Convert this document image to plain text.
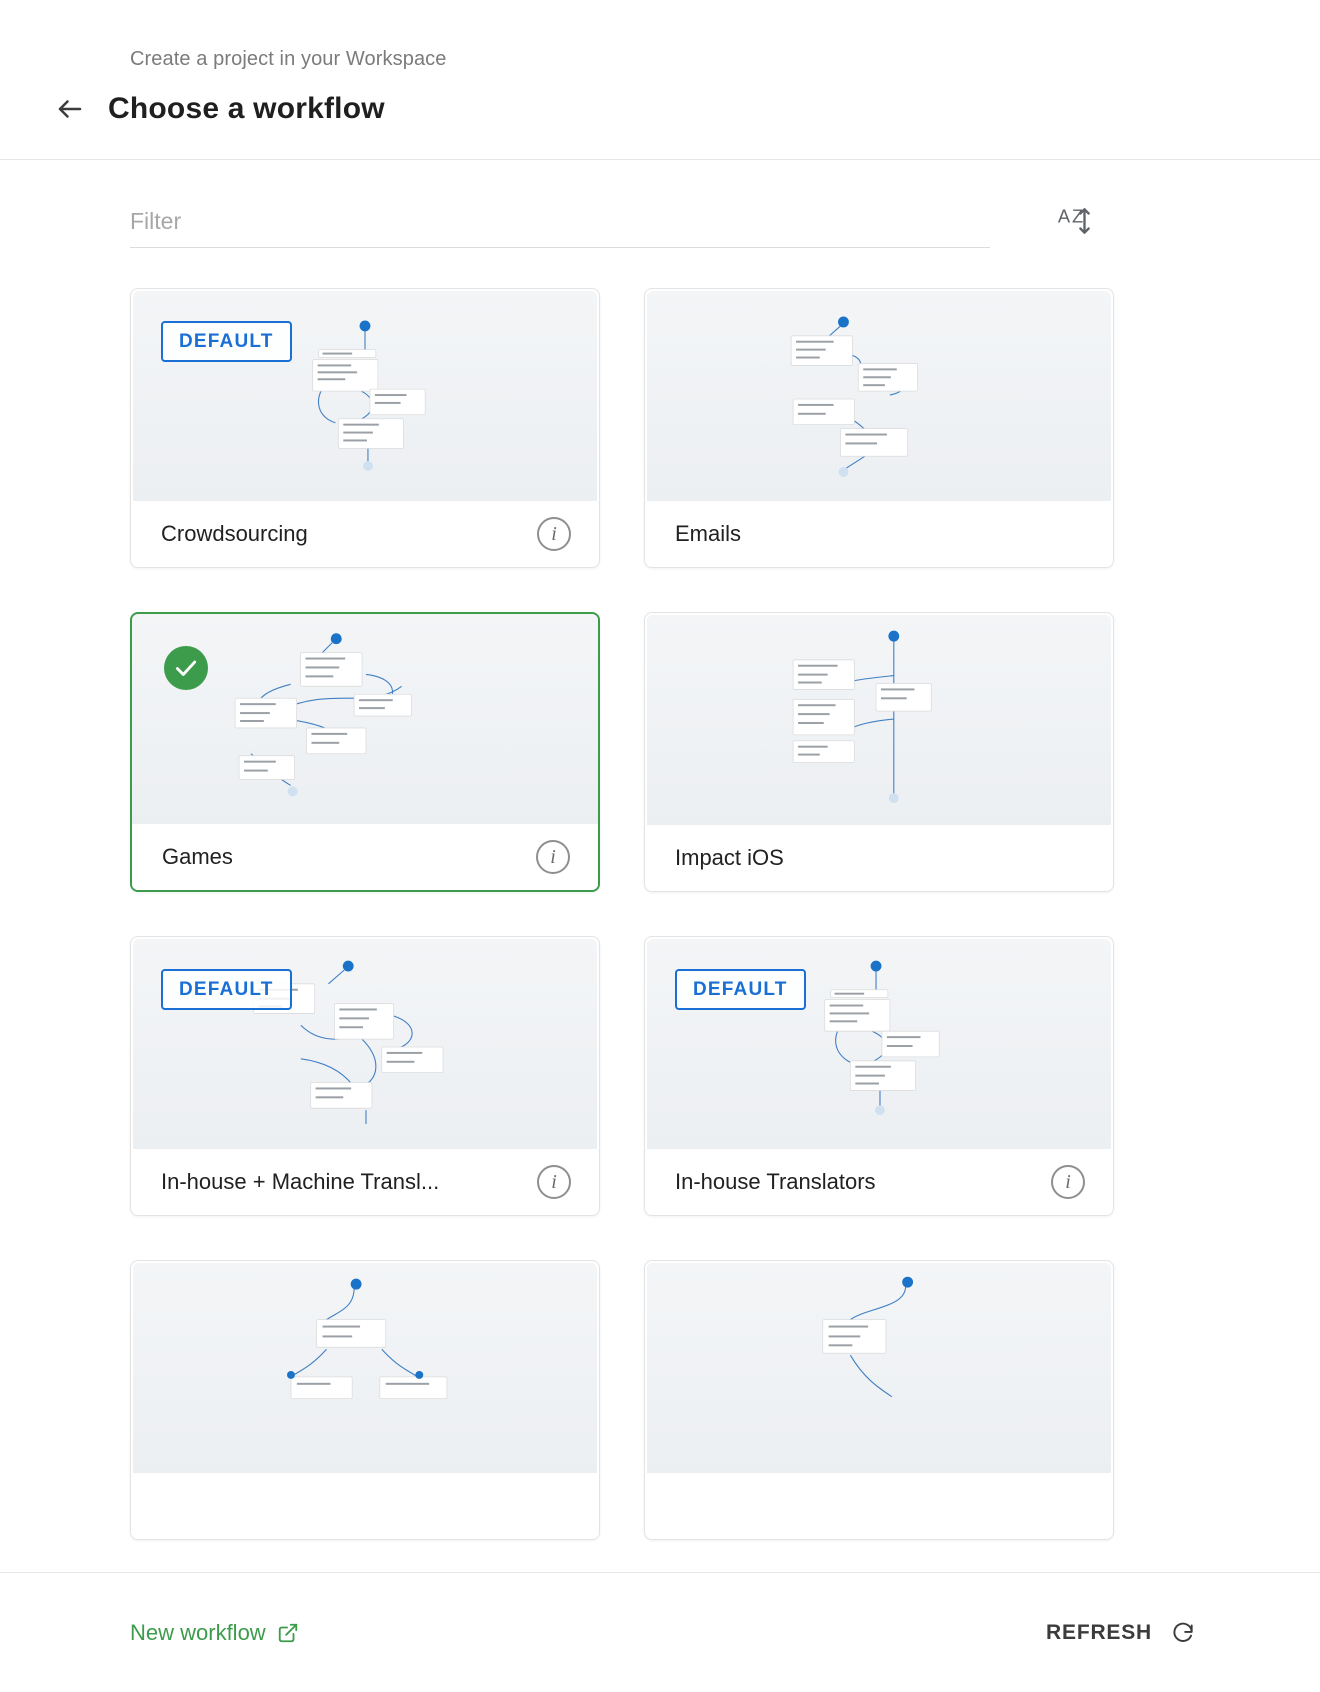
Create a project in your Workspace
Choose a workflow
Filter
A Z
DEFAULT
Crowdsourcing	i	Emails
Games	i	Impact iOS
DEFAULT
In-house + Machine Transl...	i
DEFAULT
In-house Translators	i
New workflow	REFRESH
